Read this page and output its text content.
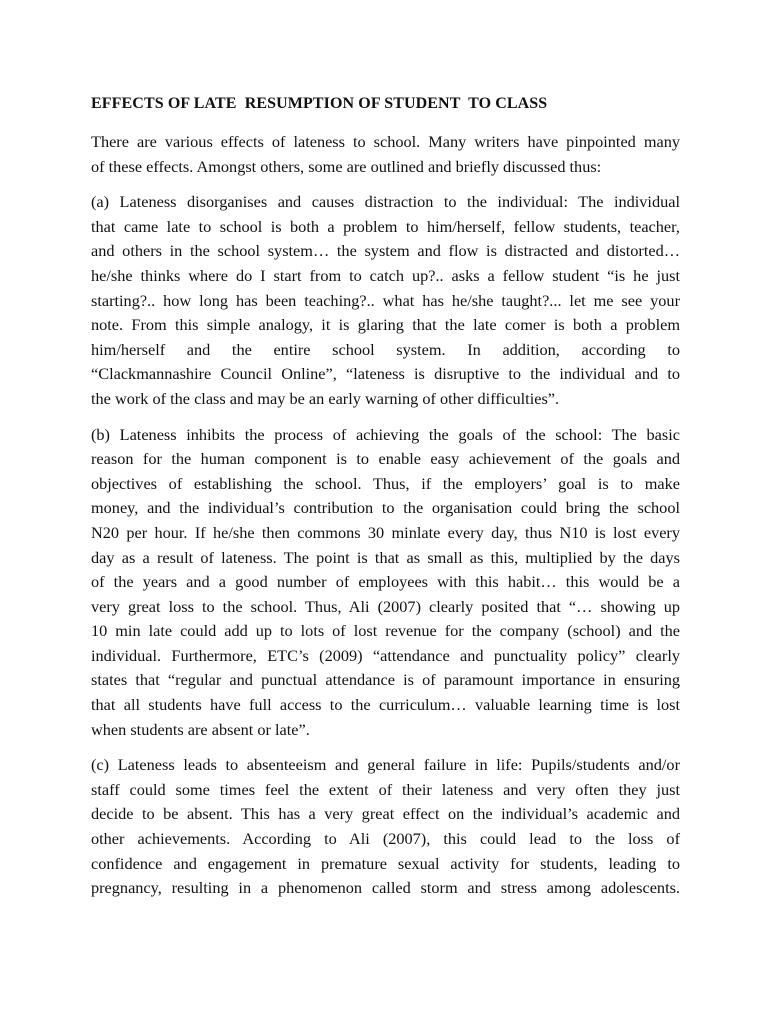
EFFECTS OF LATE  RESUMPTION OF STUDENT  TO CLASS
There are various effects of lateness to school. Many writers have pinpointed many
of these effects. Amongst others, some are outlined and briefly discussed thus:
(a) Lateness disorganises and causes distraction to the individual: The individual
that came late to school is both a problem to him/herself, fellow students, teacher,
and others in the school system… the system and flow is distracted and distorted…
he/she thinks where do I start from to catch up?.. asks a fellow student “is he just
starting?.. how long has been teaching?.. what has he/she taught?... let me see your
note. From this simple analogy, it is glaring that the late comer is both a problem
him/herself and the entire school system. In addition, according to
“Clackmannashire Council Online”, “lateness is disruptive to the individual and to
the work of the class and may be an early warning of other difficulties”.
(b) Lateness inhibits the process of achieving the goals of the school: The basic
reason for the human component is to enable easy achievement of the goals and
objectives of establishing the school. Thus, if the employers’ goal is to make
money, and the individual’s contribution to the organisation could bring the school
N20 per hour. If he/she then commons 30 minlate every day, thus N10 is lost every
day as a result of lateness. The point is that as small as this, multiplied by the days
of the years and a good number of employees with this habit… this would be a
very great loss to the school. Thus, Ali (2007) clearly posited that “… showing up
10 min late could add up to lots of lost revenue for the company (school) and the
individual. Furthermore, ETC’s (2009) “attendance and punctuality policy” clearly
states that “regular and punctual attendance is of paramount importance in ensuring
that all students have full access to the curriculum… valuable learning time is lost
when students are absent or late”.
(c) Lateness leads to absenteeism and general failure in life: Pupils/students and/or
staff could some times feel the extent of their lateness and very often they just
decide to be absent. This has a very great effect on the individual’s academic and
other achievements. According to Ali (2007), this could lead to the loss of
confidence and engagement in premature sexual activity for students, leading to
pregnancy, resulting in a phenomenon called storm and stress among adolescents.
